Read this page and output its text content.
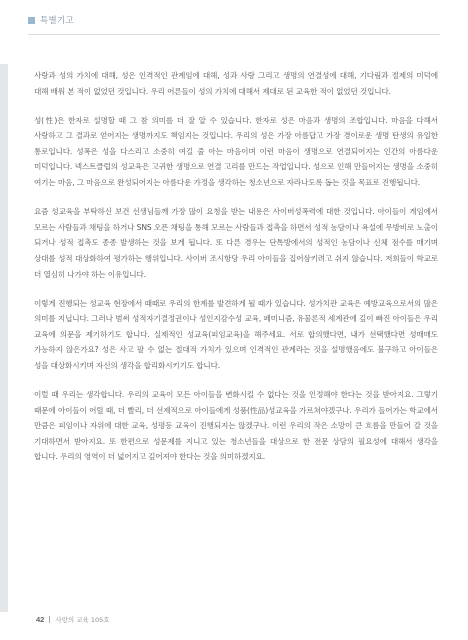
특별기고

사랑과 성의 가치에 대해, 성은 인격적인 관계임에 대해, 성과 사랑 그리고 생명의 연결성에 대해, 기다림과 절제의 미덕에 대해 배워 본 적이 없었던 것입니다. 우리 어른들이 성의 가치에 대해서 제대로 된 교육한 적이 없었던 것입니다.

성(性)은 한자로 설명할 때 그 참 의미를 더 잘 알 수 있습니다. 한자로 성은 마음과 생명의 조합입니다. 마음을 다해서 사랑하고 그 결과로 얻어지는 생명까지도 책임지는 것입니다. 우리의 성은 가장 아름답고 가장 경이로운 생명 탄생의 유일한 통로입니다. 성폭은 성을 다스리고 소중히 여길 줄 아는 마음이며 이런 마음이 생명으로 연결되어지는 인간의 아름다운 미덕입니다. 넥스트클럽의 성교육은 고귀한 생명으로 연결 고리를 만드는 작업입니다. 성으로 인해 만들어지는 생명을 소중히 여기는 마음, 그 마음으로 완성되어지는 아름다운 가정을 생각하는 청소년으로 자라나도록 돕는 것을 목표로 진행됩니다.

요즘 성교육을 부탁하신 보건 선생님들께 가장 많이 요청을 받는 내용은 사이버성폭력에 대한 것입니다. 아이들이 게임에서 모르는 사람들과 채팅을 하거나 SNS 오픈 채팅을 통해 모르는 사람들과 접촉을 하면서 성적 농담이나 욕설에 무방비로 노출이 되거나 성적 접촉도 종종 발생하는 것을 보게 됩니다. 또 다른 경우는 단톡방에서의 성적인 농담이나 신체 점수를 매기며 상대를 성적 대상화하여 평가하는 행위입니다. 사이버 조시항당 우리 아이들을 집어삼키려고 쉬지 않습니다. 저희들이 학교로 더 열심히 나가야 하는 이유입니다.

이렇게 진행되는 성교육 현장에서 때때로 우리의 한계를 발견하게 될 때가 있습니다. 성가치관 교육은 예방교육으로서의 많은 의미를 지닙니다. 그러나 범써 성적자기결정권이나 성인지감수성 교육, 페미니즘, 유물론적 세계관에 깊이 빠진 아이들은 우리 교육에 의문을 제기하기도 합니다. 실제적인 성교육(피임교육)을 해주세요. 서로 합의했다면, 내가 선택했다면 성매매도 가능하지 않은가요? 성은 사고 팔 수 없는 절대적 가치가 있으며 인격적인 관계라는 것을 설명했음에도 불구하고 아이들은 성을 대상화시키며 자신의 생각을 합리화시키기도 합니다.

이럴 때 우리는 생각합니다. 우리의 교육이 모든 아이들을 변화시킬 수 없다는 것을 인정해야 한다는 것을 받아지요. 그렇기 때문에 아이들이 어릴 때, 더 빨리, 더 선제적으로 아이들에게 성품(性品)성교육을 가르쳐야겠구나. 우리가 들어가는 학교에서 만큼은 피임이나 자위에 대한 교육, 성평등 교육이 진행되지는 않겠구나. 이런 우리의 작은 소망이 큰 흐름을 만들어 갈 것을 기대하면서 받아지요. 또 한편으로 성문제를 지니고 있는 청소년들을 대상으로 한 전문 상담의 필요성에 대해서 생각을 합니다. 우리의 영역이 더 넓어지고 깊어져야 한다는 것을 의미하겠지요.

42 사랑의 교육 105호
